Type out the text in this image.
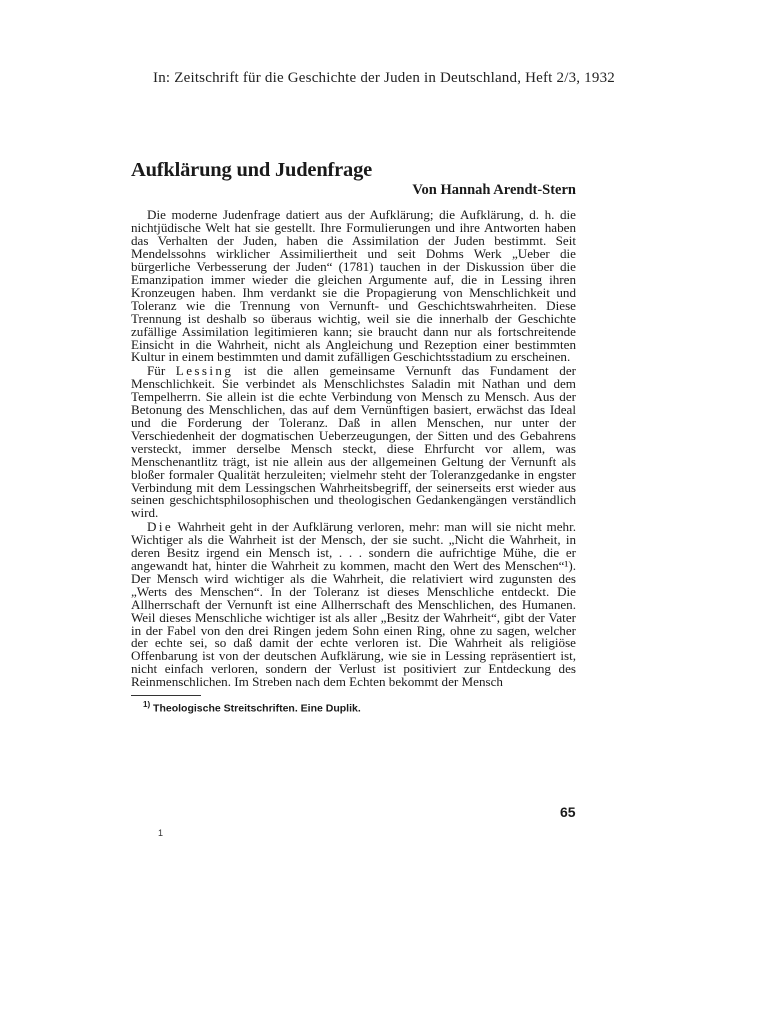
In: Zeitschrift für die Geschichte der Juden in Deutschland, Heft 2/3, 1932
Aufklärung und Judenfrage

Von Hannah Arendt-Stern

Die moderne Judenfrage datiert aus der Aufklärung; die Aufklärung, d. h. die nichtjüdische Welt hat sie gestellt. Ihre Formulierungen und ihre Antworten haben das Verhalten der Juden, haben die Assimilation der Juden bestimmt. Seit Mendelssohns wirklicher Assimiliertheit und seit Dohms Werk „Ueber die bürgerliche Verbesserung der Juden“ (1781) tauchen in der Diskussion über die Emanzipation immer wieder die gleichen Argumente auf, die in Lessing ihren Kronzeugen haben. Ihm verdankt sie die Propagierung von Menschlichkeit und Toleranz wie die Trennung von Vernunft- und Geschichtswahrheiten. Diese Trennung ist deshalb so überaus wichtig, weil sie die innerhalb der Geschichte zufällige Assimilation legitimieren kann; sie braucht dann nur als fortschreitende Einsicht in die Wahrheit, nicht als Angleichung und Rezeption einer bestimmten Kultur in einem bestimmten und damit zufälligen Geschichtsstadium zu erscheinen.

Für Lessing ist die allen gemeinsame Vernunft das Fundament der Menschlichkeit. Sie verbindet als Menschlichstes Saladin mit Nathan und dem Tempelherrn. Sie allein ist die echte Verbindung von Mensch zu Mensch. Aus der Betonung des Menschlichen, das auf dem Vernünftigen basiert, erwächst das Ideal und die Forderung der Toleranz. Daß in allen Menschen, nur unter der Verschiedenheit der dogmatischen Ueberzeugungen, der Sitten und des Gebahrens versteckt, immer derselbe Mensch steckt, diese Ehrfurcht vor allem, was Menschenantlitz trägt, ist nie allein aus der allgemeinen Geltung der Vernunft als bloßer formaler Qualität herzuleiten; vielmehr steht der Toleranzgedanke in engster Verbindung mit dem Lessingschen Wahrheitsbegriff, der seinerseits erst wieder aus seinen geschichtsphilosophischen und theologischen Gedankengängen verständlich wird.

Die Wahrheit geht in der Aufklärung verloren, mehr: man will sie nicht mehr. Wichtiger als die Wahrheit ist der Mensch, der sie sucht. „Nicht die Wahrheit, in deren Besitz irgend ein Mensch ist, . . . sondern die aufrichtige Mühe, die er angewandt hat, hinter die Wahrheit zu kommen, macht den Wert des Menschen“¹). Der Mensch wird wichtiger als die Wahrheit, die relativiert wird zugunsten des „Werts des Menschen“. In der Toleranz ist dieses Menschliche entdeckt. Die Allherrschaft der Vernunft ist eine Allherrschaft des Menschlichen, des Humanen. Weil dieses Menschliche wichtiger ist als aller „Besitz der Wahrheit“, gibt der Vater in der Fabel von den drei Ringen jedem Sohn einen Ring, ohne zu sagen, welcher der echte sei, so daß damit der echte verloren ist. Die Wahrheit als religiöse Offenbarung ist von der deutschen Aufklärung, wie sie in Lessing repräsentiert ist, nicht einfach verloren, sondern der Verlust ist positiviert zur Entdeckung des Reinmenschlichen. Im Streben nach dem Echten bekommt der Mensch

$^{1)}$ Theologische Streitschriften. Eine Duplik.

1
65
